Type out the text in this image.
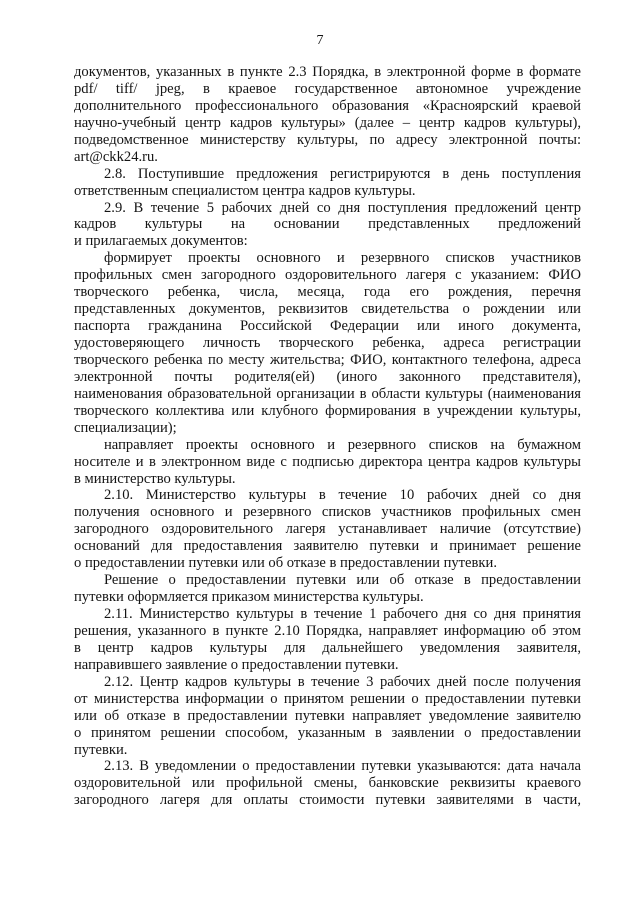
7
документов, указанных в пункте 2.3 Порядка, в электронной форме в формате
pdf/ tiff/ jpeg, в краевое государственное автономное учреждение
дополнительного профессионального образования «Красноярский краевой
научно-учебный центр кадров культуры» (далее – центр кадров культуры),
подведомственное министерству культуры, по адресу электронной почты:
art@ckk24.ru.
2.8. Поступившие предложения регистрируются в день поступления
ответственным специалистом центра кадров культуры.
2.9. В течение 5 рабочих дней со дня поступления предложений центр
кадров культуры на основании представленных предложений
и прилагаемых документов:
формирует проекты основного и резервного списков участников
профильных смен загородного оздоровительного лагеря с указанием: ФИО
творческого ребенка, числа, месяца, года его рождения, перечня
представленных документов, реквизитов свидетельства о рождении или
паспорта гражданина Российской Федерации или иного документа,
удостоверяющего личность творческого ребенка, адреса регистрации
творческого ребенка по месту жительства; ФИО, контактного телефона, адреса
электронной почты родителя(ей) (иного законного представителя),
наименования образовательной организации в области культуры (наименования
творческого коллектива или клубного формирования в учреждении культуры,
специализации);
направляет проекты основного и резервного списков на бумажном
носителе и в электронном виде с подписью директора центра кадров культуры
в министерство культуры.
2.10. Министерство культуры в течение 10 рабочих дней со дня
получения основного и резервного списков участников профильных смен
загородного оздоровительного лагеря устанавливает наличие (отсутствие)
оснований для предоставления заявителю путевки и принимает решение
о предоставлении путевки или об отказе в предоставлении путевки.
Решение о предоставлении путевки или об отказе в предоставлении
путевки оформляется приказом министерства культуры.
2.11. Министерство культуры в течение 1 рабочего дня со дня принятия
решения, указанного в пункте 2.10 Порядка, направляет информацию об этом
в центр кадров культуры для дальнейшего уведомления заявителя,
направившего заявление о предоставлении путевки.
2.12. Центр кадров культуры в течение 3 рабочих дней после получения
от министерства информации о принятом решении о предоставлении путевки
или об отказе в предоставлении путевки направляет уведомление заявителю
о принятом решении способом, указанным в заявлении о предоставлении
путевки.
2.13. В уведомлении о предоставлении путевки указываются: дата начала
оздоровительной или профильной смены, банковские реквизиты краевого
загородного лагеря для оплаты стоимости путевки заявителями в части,
